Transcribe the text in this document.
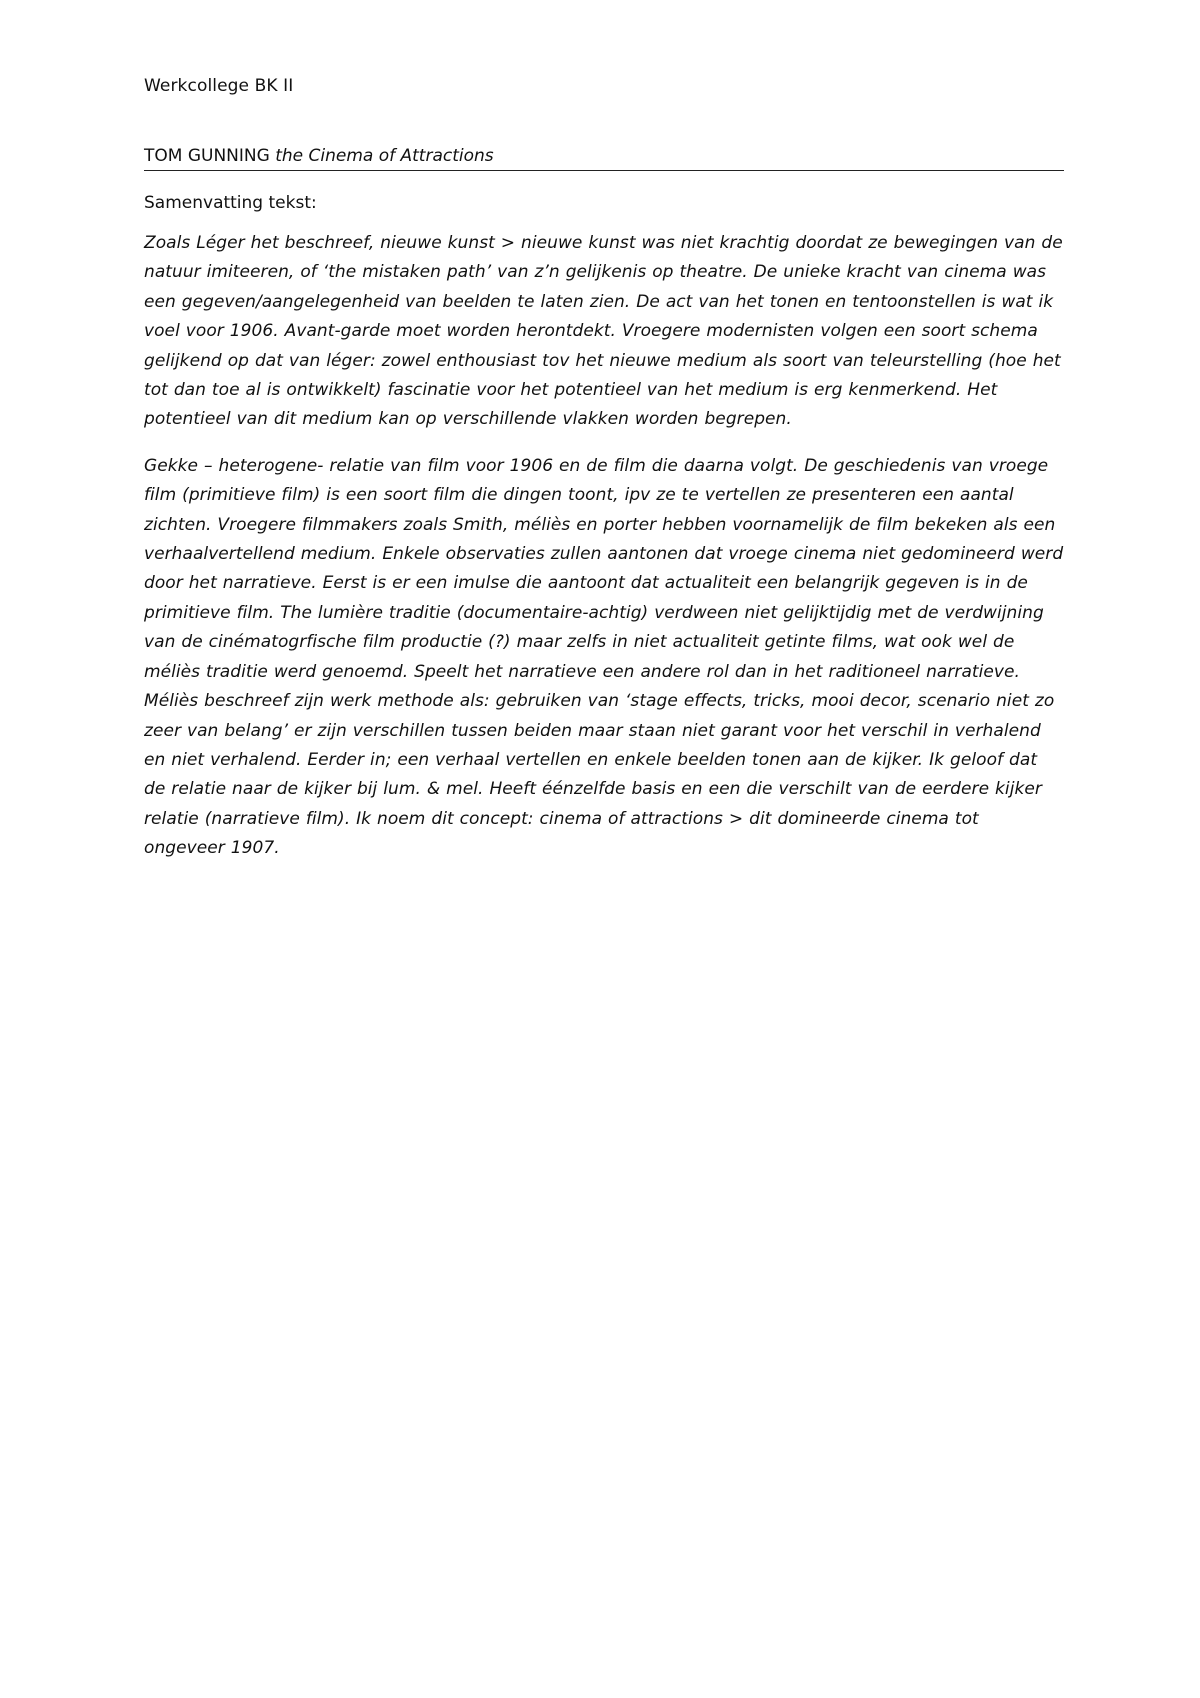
Werkcollege BK II
TOM GUNNING the Cinema of Attractions
Samenvatting tekst:

Zoals Léger het beschreef, nieuwe kunst > nieuwe kunst was niet krachtig doordat ze bewegingen van de natuur imiteeren, of ‘the mistaken path’ van z’n gelijkenis op theatre. De unieke kracht van cinema was een gegeven/aangelegenheid van beelden te laten zien. De act van het tonen en tentoonstellen is wat ik voel voor 1906. Avant-garde moet worden herontdekt. Vroegere modernisten volgen een soort schema gelijkend op dat van léger: zowel enthousiast tov het nieuwe medium als soort van teleurstelling (hoe het tot dan toe al is ontwikkelt) fascinatie voor het potentieel van het medium is erg kenmerkend. Het potentieel van dit medium kan op verschillende vlakken worden begrepen.

Gekke – heterogene- relatie van film voor 1906 en de film die daarna volgt. De geschiedenis van vroege film (primitieve film) is een soort film die dingen toont, ipv ze te vertellen ze presenteren een aantal zichten. Vroegere filmmakers zoals Smith, méliès en porter hebben voornamelijk de film bekeken als een verhaalvertellend medium. Enkele observaties zullen aantonen dat vroege cinema niet gedomineerd werd door het narratieve. Eerst is er een imulse die aantoont dat actualiteit een belangrijk gegeven is in de primitieve film. The lumière traditie (documentaire-achtig) verdween niet gelijktijdig met de verdwijning van de cinématogrfische film productie (?) maar zelfs in niet actualiteit getinte films, wat ook wel de méliès traditie werd genoemd. Speelt het narratieve een andere rol dan in het raditioneel narratieve. Méliès beschreef zijn werk methode als: gebruiken van ‘stage effects, tricks, mooi decor, scenario niet zo zeer van belang’ er zijn verschillen tussen beiden maar staan niet garant voor het verschil in verhalend en niet verhalend. Eerder in; een verhaal vertellen en enkele beelden tonen aan de kijker. Ik geloof dat de relatie naar de kijker bij lum. & mel. Heeft éénzelfde basis en een die verschilt van de eerdere kijker relatie (narratieve film). Ik noem dit concept: cinema of attractions > dit domineerde cinema tot ongeveer 1907.
